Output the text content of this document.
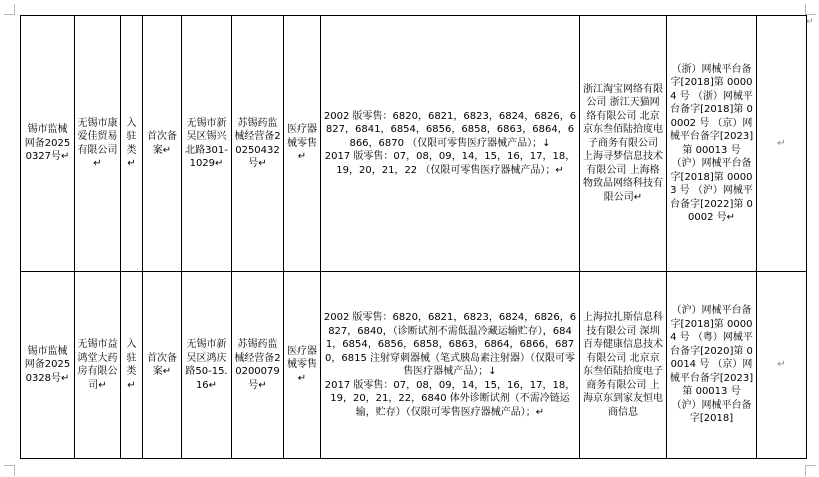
↵
锡市监械网备20250327号↵	无锡市康爱佳贸易有限公司↵	入驻类↵	首次备案↵	无锡市新吴区锡兴北路301-1029↵	苏锡药监械经营备20250432号↵	医疗器械零售↵	2002 版零售：6820，6821，6823，6824，6826，6827，6841，6854，6856，6858，6863，6864，6866，6870 （仅限可零售医疗器械产品）；↓

2017 版零售：07，08，09，14，15，16，17，18，19，20，21，22 （仅限可零售医疗器械产品）；↵	浙江淘宝网络有限公司 浙江天猫网络有限公司 北京京东叁佰陆拾度电子商务有限公司 上海寻梦信息技术有限公司 上海格物致品网络科技有限公司↵	（浙）网械平台备字[2018]第 00004 号 （浙）网械平台备字[2018]第 00002 号 （京）网械平台备字[2023]第 00013 号 （沪）网械平台备字[2018]第 00003 号 （沪）网械平台备字[2022]第 00002 号↵	↵
锡市监械网备20250328号↵	无锡市益鸿堂大药房有限公司↵	入驻类↵	首次备案↵	无锡市新吴区鸿庆路50-15.16↵	苏锡药监械经营备20200079号↵	医疗器械零售↵	2002 版零售：6820，6821，6823，6824，6826，6827，6840，（诊断试剂不需低温冷藏运输贮存），6841，6854，6856，6858，6863，6864，6866，6870，6815 注射穿刺器械（笔式胰岛素注射器）（仅限可零售医疗器械产品）；↓

2017 版零售：07，08，09，14，15，16，17，18，19，20，21，22，6840 体外诊断试剂（不需冷链运输，贮存）（仅限可零售医疗器械产品）；↵	上海拉扎斯信息科技有限公司 深圳百寿健康信息技术有限公司 北京京东叁佰陆拾度电子商务有限公司 上海京东到家友恒电商信息	（沪）网械平台备字[2018]第 00004 号 （粤）网械平台备字[2020]第 00014 号 （京）网械平台备字[2023]第 00013 号 （沪）网械平台备字[2018]	↵
